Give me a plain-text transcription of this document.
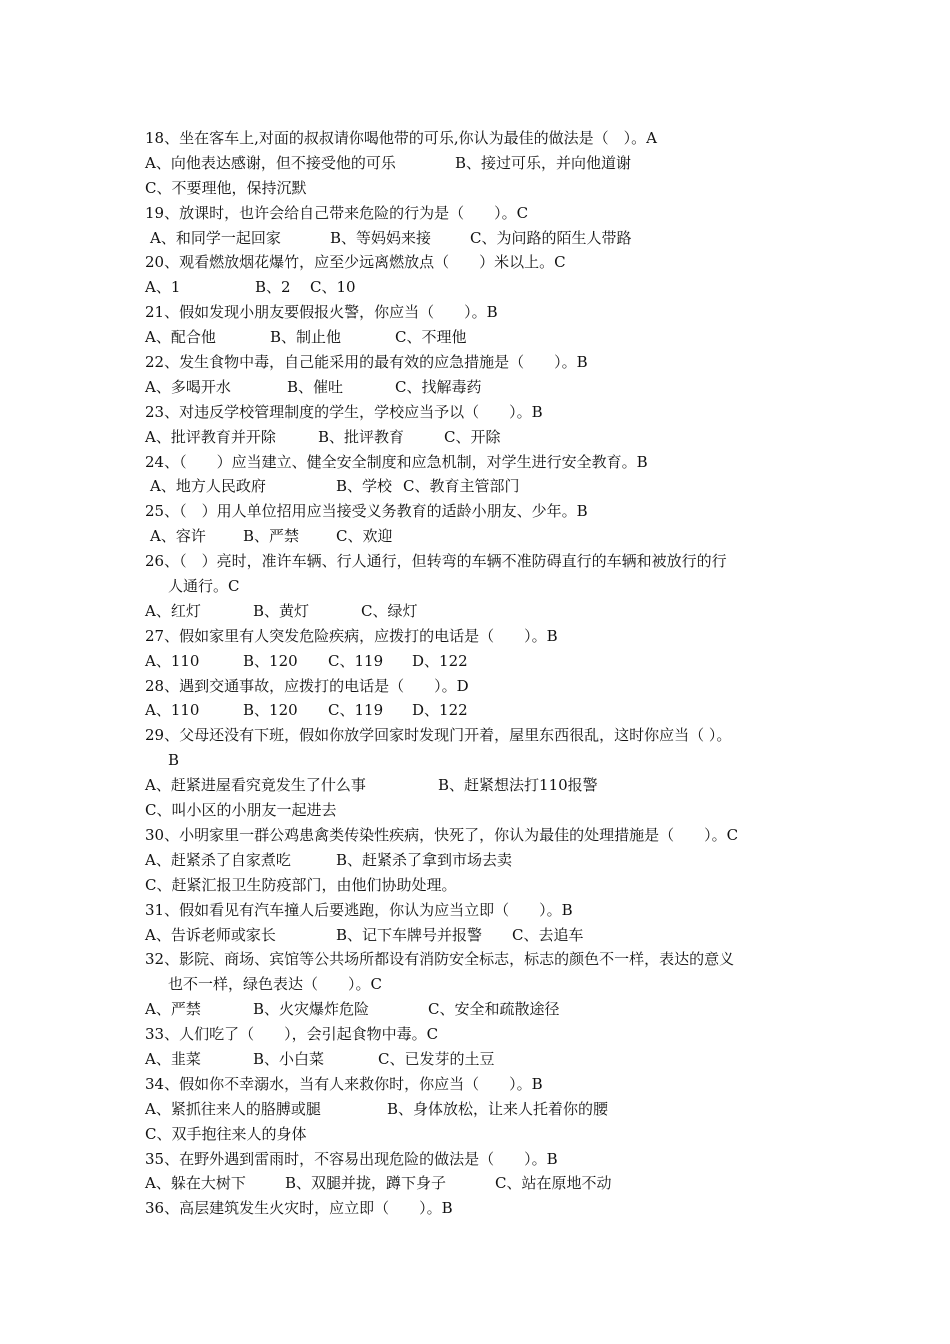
18、坐在客车上,对面的叔叔请你喝他带的可乐,你认为最佳的做法是（　）。A
A、向他表达感谢，但不接受他的可乐	B、接过可乐，并向他道谢
C、不要理他，保持沉默
19、放课时，也许会给自己带来危险的行为是（　　）。C
A、和同学一起回家	B、等妈妈来接	C、为问路的陌生人带路
20、观看燃放烟花爆竹，应至少远离燃放点（　　）米以上。C
A、1	B、2 C、10
21、假如发现小朋友要假报火警，你应当（　　）。B
A、配合他	B、制止他	C、不理他
22、发生食物中毒，自己能采用的最有效的应急措施是（　　）。B
A、多喝开水	B、催吐	C、找解毒药
23、对违反学校管理制度的学生，学校应当予以（　　）。B
A、批评教育并开除	B、批评教育	C、开除
24、（　　）应当建立、健全安全制度和应急机制，对学生进行安全教育。B
A、地方人民政府	B、学校 C、教育主管部门
25、（　）用人单位招用应当接受义务教育的适龄小朋友、少年。B
A、容许 B、严禁 C、欢迎
26、（　）亮时，准许车辆、行人通行，但转弯的车辆不准防碍直行的车辆和被放行的行
人通行。C
A、红灯	B、黄灯	C、绿灯
27、假如家里有人突发危险疾病，应拨打的电话是（　　）。B
A、110	B、120 C、119 D、122
28、遇到交通事故，应拨打的电话是（　　）。D
A、110	B、120 C、119 D、122
29、父母还没有下班，假如你放学回家时发现门开着，屋里东西很乱，这时你应当（ ）。
B
A、赶紧进屋看究竟发生了什么事	B、赶紧想法打110报警
C、叫小区的小朋友一起进去
30、小明家里一群公鸡患禽类传染性疾病，快死了，你认为最佳的处理措施是（　　）。C
A、赶紧杀了自家煮吃	B、赶紧杀了拿到市场去卖
C、赶紧汇报卫生防疫部门，由他们协助处理。
31、假如看见有汽车撞人后要逃跑，你认为应当立即（　　）。B
A、告诉老师或家长	B、记下车牌号并报警 C、去追车
32、影院、商场、宾馆等公共场所都设有消防安全标志，标志的颜色不一样，表达的意义
也不一样，绿色表达（　　）。C
A、严禁	B、火灾爆炸危险	C、安全和疏散途径
33、人们吃了（　　），会引起食物中毒。C
A、韭菜	B、小白菜	C、已发芽的土豆
34、假如你不幸溺水，当有人来救你时，你应当（　　）。B
A、紧抓往来人的胳膊或腿	B、身体放松，让来人托着你的腰
C、双手抱往来人的身体
35、在野外遇到雷雨时，不容易出现危险的做法是（　　）。B
A、躲在大树下	B、双腿并拢，蹲下身子	C、站在原地不动
36、高层建筑发生火灾时，应立即（　　）。B
